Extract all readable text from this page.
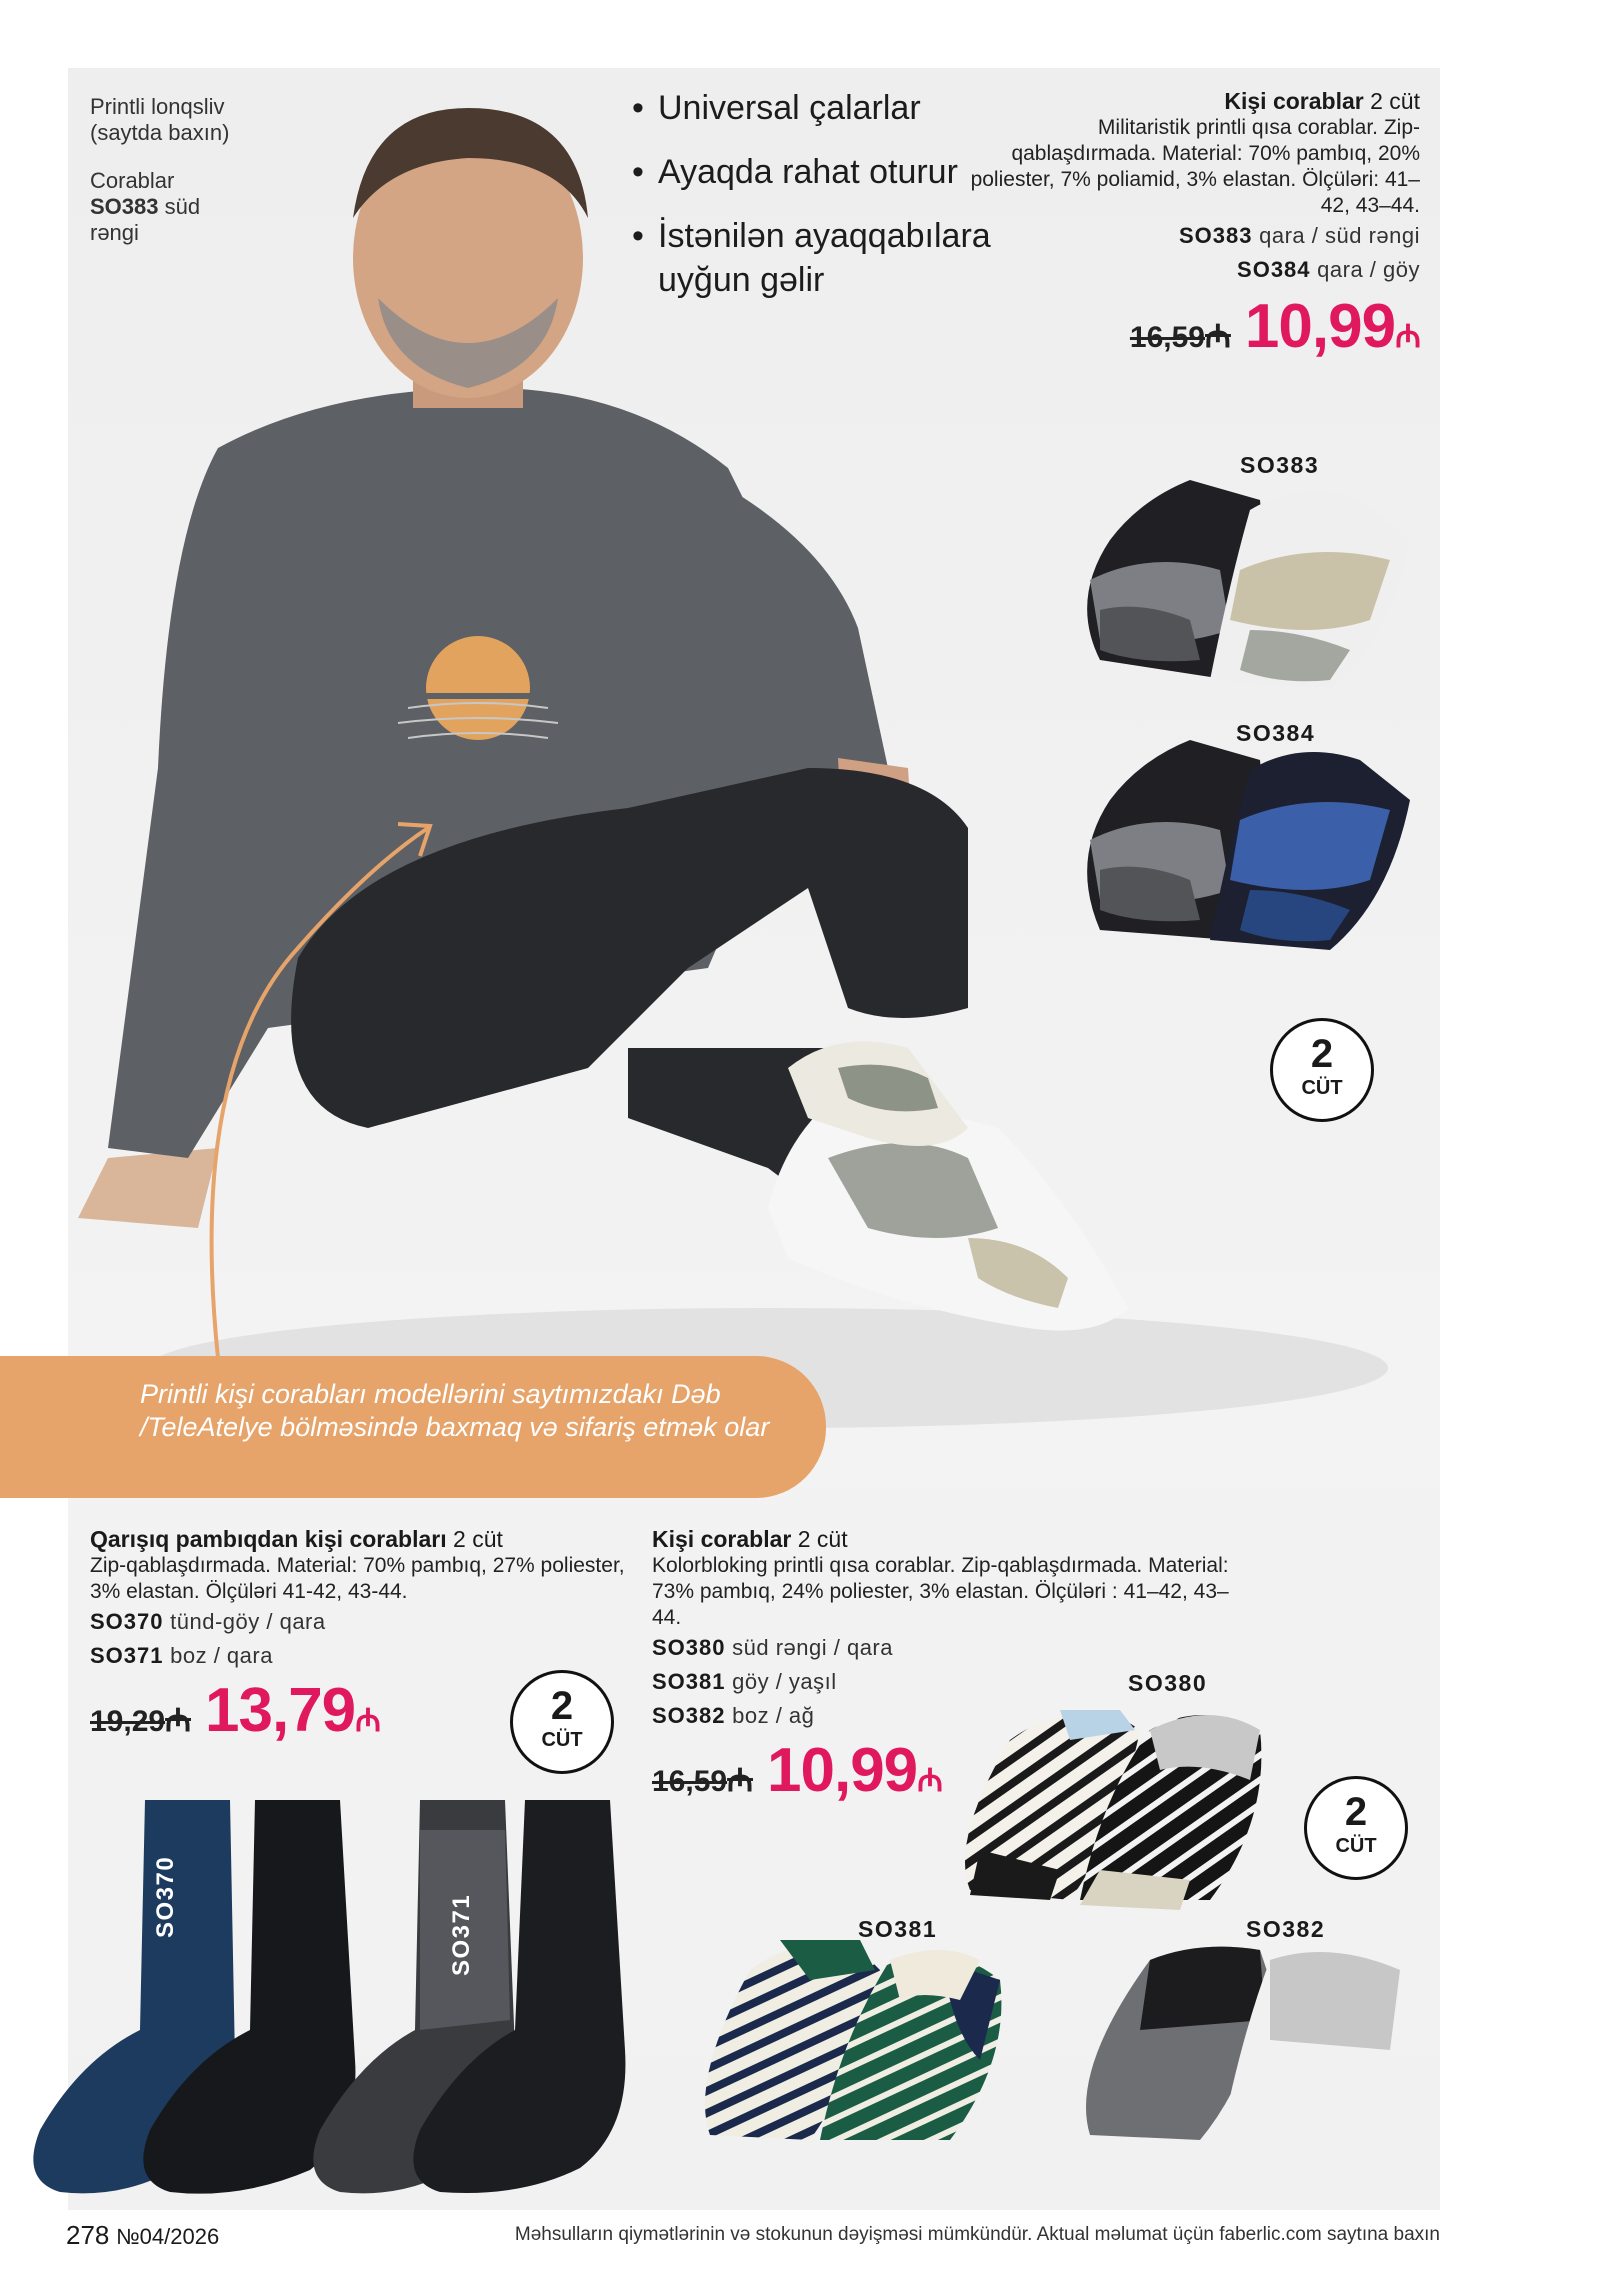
Printli lonqsliv (saytda baxın)

Corablar
SO383 süd rəngi

• Universal çalarlar
• Ayaqda rahat oturur
• İstənilən ayaqqabılara uyğun gəlir
Kişi corablar 2 cüt
Militaristik printli qısa corablar. Zip-qablaşdırmada. Material: 70% pambıq, 20% poliester, 7% poliamid, 3% elastan. Ölçüləri: 41–42, 43–44.
SO383 qara / süd rəngi
SO384 qara / göy
16,59₼ 10,99₼
SO383
SO384
2
CÜT

Printli kişi corabları modellərini saytımızdakı Dəb /TeleAtelye bölməsində baxmaq və sifariş etmək olar

Qarışıq pambıqdan kişi corabları 2 cüt
Zip-qablaşdırmada. Material: 70% pambıq, 27% poliester, 3% elastan. Ölçüləri 41-42, 43-44.
SO370 tünd-göy / qara
SO371 boz / qara
19,29₼ 13,79₼	2
CÜT
SO370	SO371
Kişi corablar 2 cüt
Kolorbloking printli qısa corablar. Zip-qablaşdırmada. Material: 73% pambıq, 24% poliester, 3% elastan. Ölçüləri : 41–42, 43–44.
SO380 süd rəngi / qara
SO381 göy / yaşıl
SO382 boz / ağ
16,59₼ 10,99₼
SO380
2
CÜT
SO381	SO382
278 №04/2026	Məhsulların qiymətlərinin və stokunun dəyişməsi mümkündür. Aktual məlumat üçün faberlic.com saytına baxın
